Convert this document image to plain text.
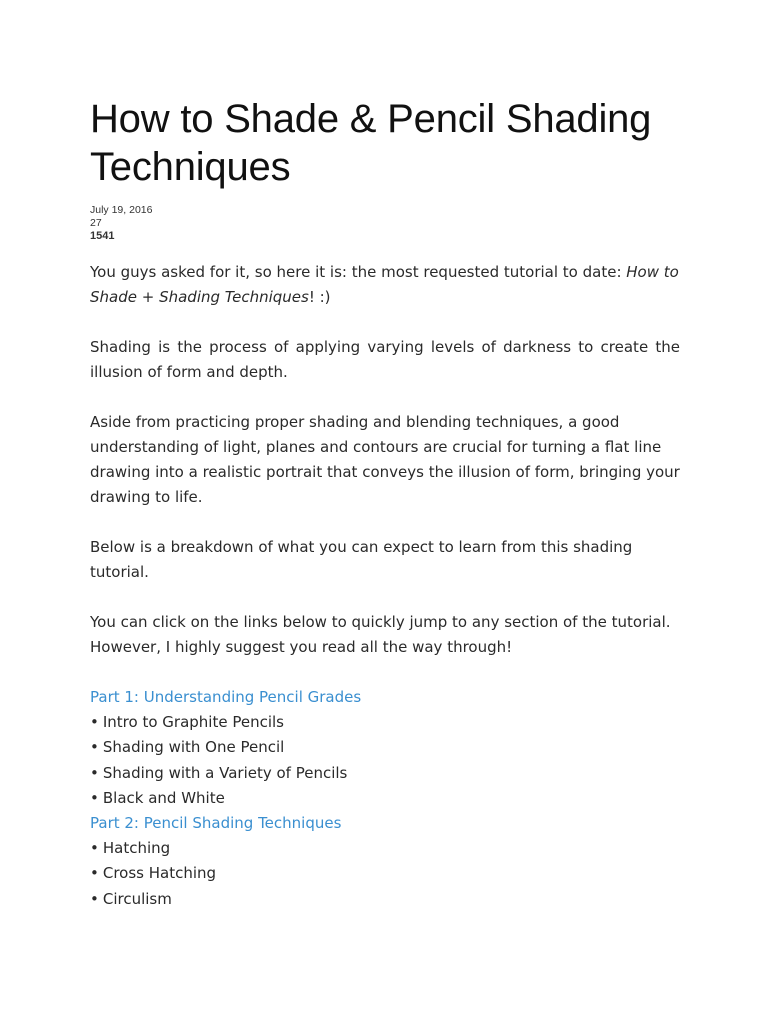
How to Shade & Pencil Shading Techniques
July 19, 2016
27
1541

You guys asked for it, so here it is: the most requested tutorial to date: How to Shade + Shading Techniques! :)

Shading is the process of applying varying levels of darkness to create the illusion of form and depth.

Aside from practicing proper shading and blending techniques, a good understanding of light, planes and contours are crucial for turning a flat line drawing into a realistic portrait that conveys the illusion of form, bringing your drawing to life.

Below is a breakdown of what you can expect to learn from this shading tutorial.

You can click on the links below to quickly jump to any section of the tutorial. However, I highly suggest you read all the way through!

Part 1: Understanding Pencil Grades
• Intro to Graphite Pencils
• Shading with One Pencil
• Shading with a Variety of Pencils
• Black and White
Part 2: Pencil Shading Techniques
• Hatching
• Cross Hatching
• Circulism
